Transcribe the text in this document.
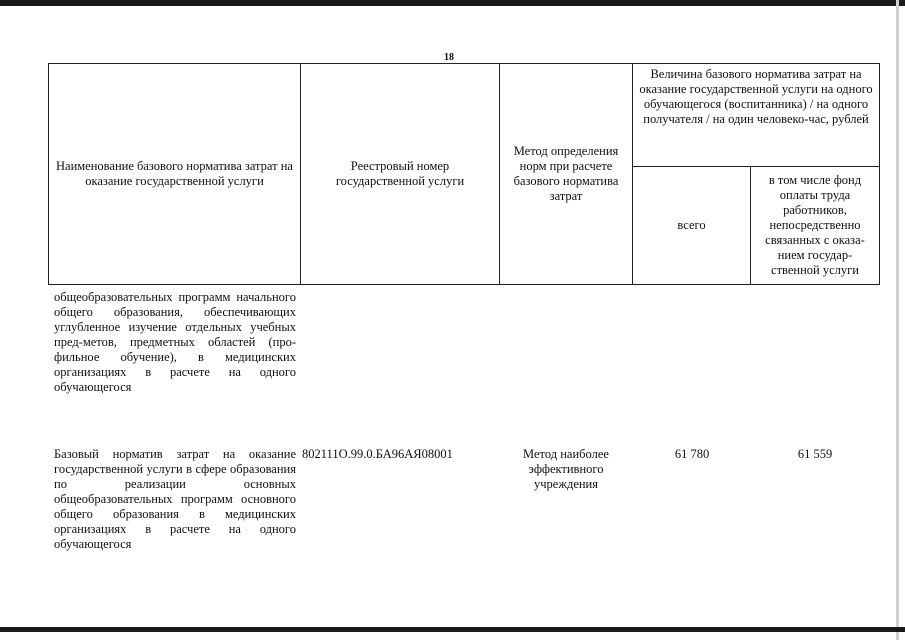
18
Наименование базового норматива затрат на оказание государственной услуги
Реестровый номер государственной услуги
Метод определения норм при расчете базового норматива затрат
Величина базового норматива затрат на оказание государственной услуги на одного обучающегося (воспитанника) / на одного получателя / на один человеко-час, рублей
всего
в том числе фонд
оплаты труда
работников,
непосредственно
связанных с оказа-
нием государ-
ственной услуги
общеобразовательных программ начального общего образования, обеспечивающих углубленное изучение отдельных учебных пред-метов, предметных областей (про-фильное обучение), в медицинских организациях в расчете на одного обучающегося
Базовый норматив затрат на оказание государственной услуги в сфере образования по реализации основных общеобразовательных программ основного общего образования в медицинских организациях в расчете на одного обучающегося
802111О.99.0.БА96АЯ08001	Метод наиболее эффективного учреждения
61 780	61 559
